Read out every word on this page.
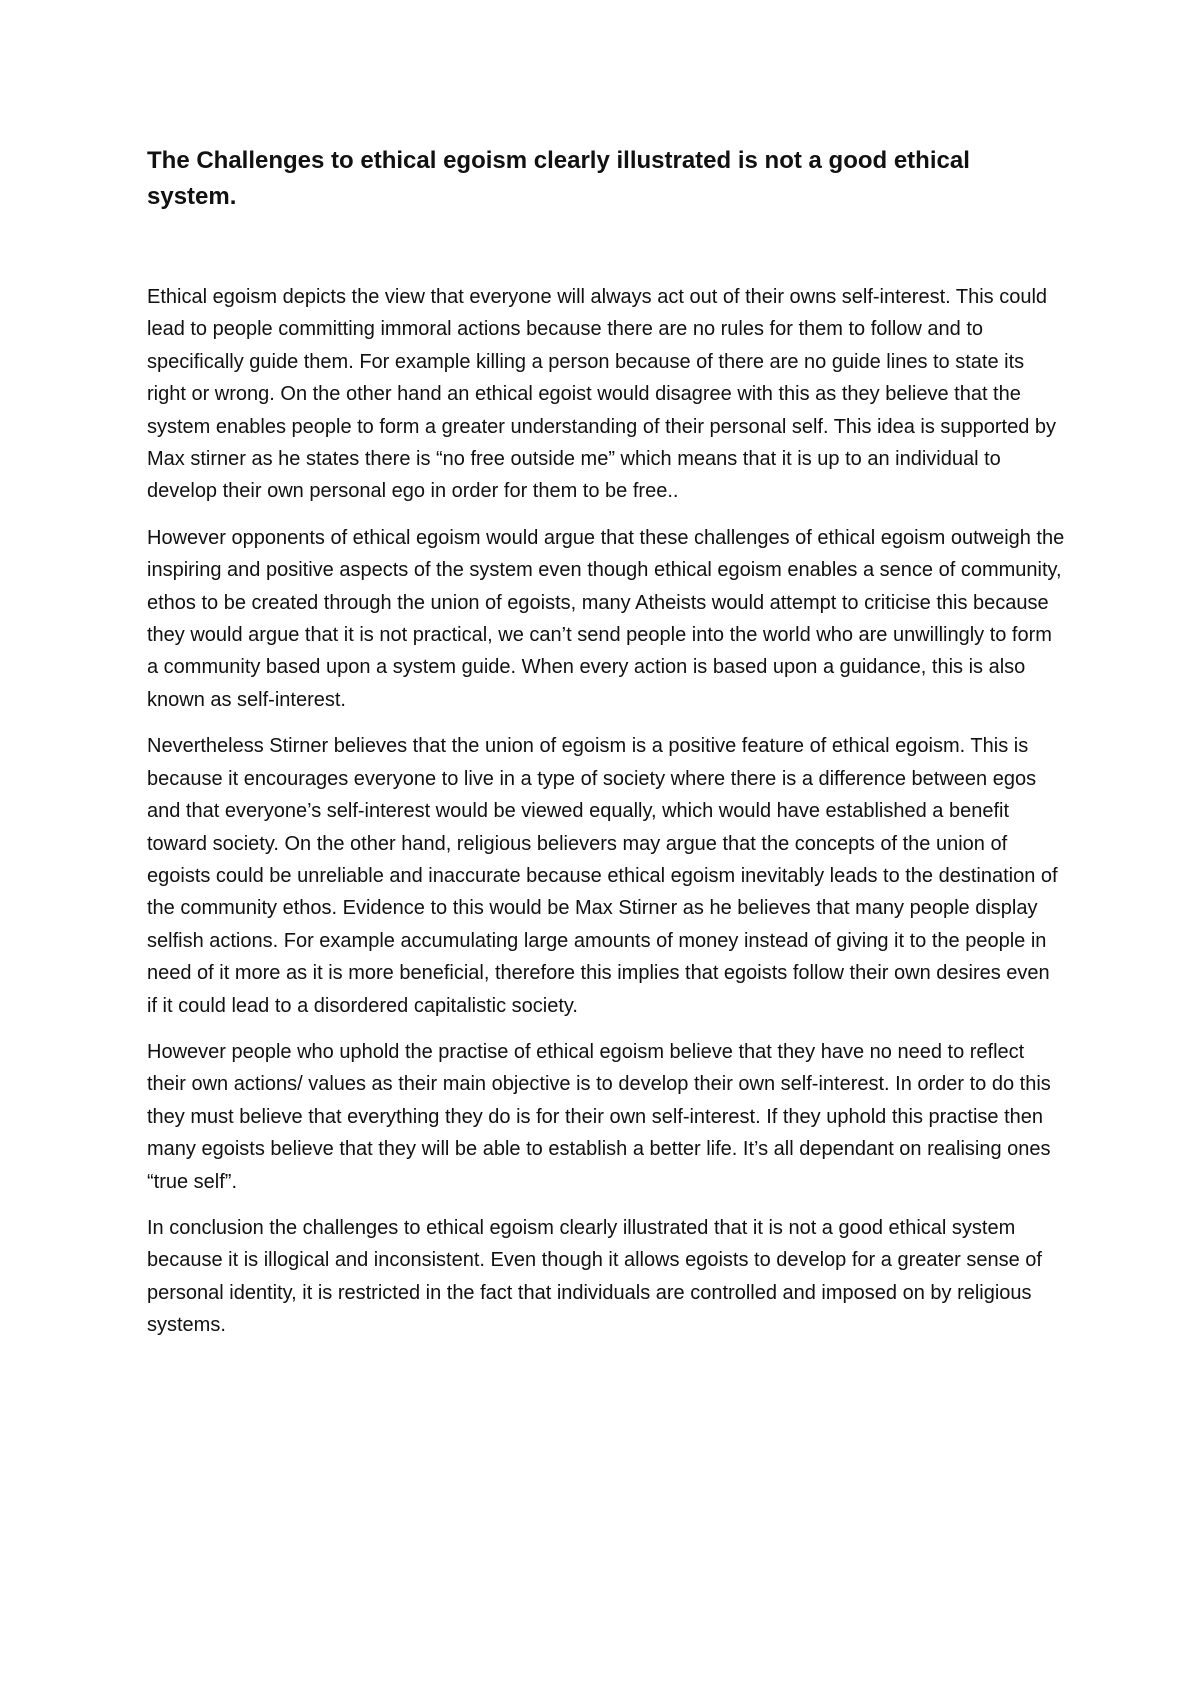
The Challenges to ethical egoism clearly illustrated is not a good ethical system.

Ethical egoism depicts the view that everyone will always act out of their owns self-interest. This could lead to people committing immoral actions because there are no rules for them to follow and to specifically guide them. For example killing a person because of there are no guide lines to state its right or wrong. On the other hand an ethical egoist would disagree with this as they believe that the system enables people to form a greater understanding of their personal self. This idea is supported by Max stirner as he states there is “no free outside me” which means that it is up to an individual to develop their own personal ego in order for them to be free..

However opponents of ethical egoism would argue that these challenges of ethical egoism outweigh the inspiring and positive aspects of the system even though ethical egoism enables a sence of community, ethos to be created through the union of egoists, many Atheists would attempt to criticise this because they would argue that it is not practical, we can’t send people into the world who are unwillingly to form a community based upon a system guide. When every action is based upon a guidance, this is also known as self-interest.

Nevertheless Stirner believes that the union of egoism is a positive feature of ethical egoism. This is because it encourages everyone to live in a type of society where there is a difference between egos and that everyone’s self-interest would be viewed equally, which would have established a benefit toward society. On the other hand, religious believers may argue that the concepts of the union of egoists could be unreliable and inaccurate because ethical egoism inevitably leads to the destination of the community ethos. Evidence to this would be Max Stirner as he believes that many people display selfish actions. For example accumulating large amounts of money instead of giving it to the people in need of it more as it is more beneficial, therefore this implies that egoists follow their own desires even if it could lead to a disordered capitalistic society.

However people who uphold the practise of ethical egoism believe that they have no need to reflect their own actions/ values as their main objective is to develop their own self-interest. In order to do this they must believe that everything they do is for their own self-interest. If they uphold this practise then many egoists believe that they will be able to establish a better life. It’s all dependant on realising ones “true self”.

In conclusion the challenges to ethical egoism clearly illustrated that it is not a good ethical system because it is illogical and inconsistent. Even though it allows egoists to develop for a greater sense of personal identity, it is restricted in the fact that individuals are controlled and imposed on by religious systems.
